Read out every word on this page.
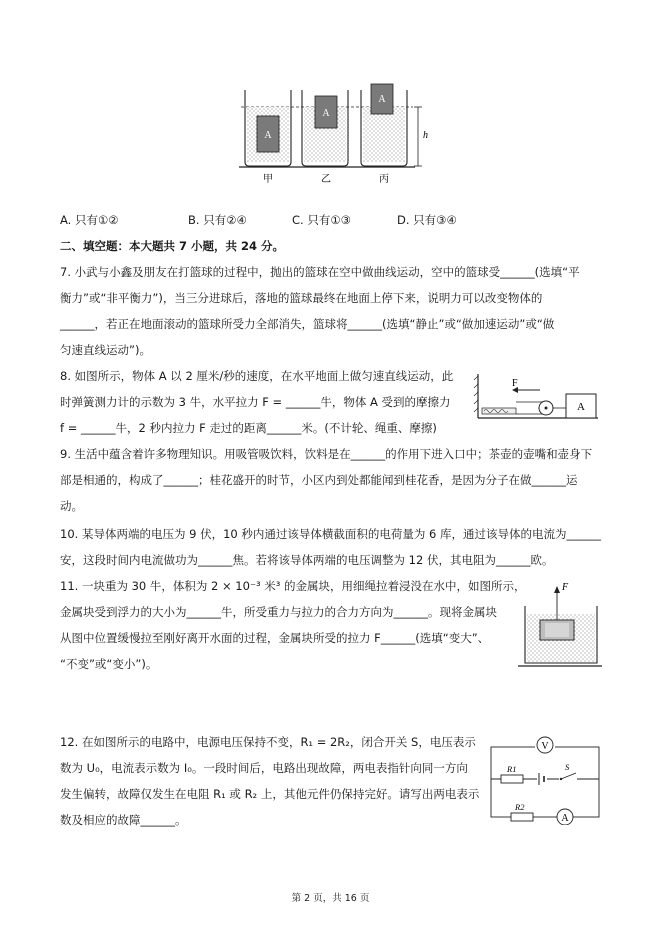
A
A
A
h
甲	乙	丙
A. 只有①②	B. 只有②④	C. 只有①③	D. 只有③④
二、填空题：本大题共 7 小题，共 24 分。
7. 小武与小鑫及朋友在打篮球的过程中，抛出的篮球在空中做曲线运动，空中的篮球受______(选填“平
衡力”或“非平衡力”)，当三分进球后，落地的篮球最终在地面上停下来，说明力可以改变物体的
______，若正在地面滚动的篮球所受力全部消失，篮球将______(选填“静止”或“做加速运动”或“做
匀速直线运动”)。
8. 如图所示，物体 A 以 2 厘米/秒的速度，在水平地面上做匀速直线运动，此
时弹簧测力计的示数为 3 牛，水平拉力 F = ______牛，物体 A 受到的摩擦力
f = ______牛，2 秒内拉力 F 走过的距离______米。(不计轮、绳重、摩擦)
F
A
9. 生活中蕴含着许多物理知识。用吸管吸饮料，饮料是在______的作用下进入口中；茶壶的壶嘴和壶身下
部是相通的，构成了______；桂花盛开的时节，小区内到处都能闻到桂花香，是因为分子在做______运
动。
10. 某导体两端的电压为 9 伏，10 秒内通过该导体横截面积的电荷量为 6 库，通过该导体的电流为______
安，这段时间内电流做功为______焦。若将该导体两端的电压调整为 12 伏，其电阻为______欧。
11. 一块重为 30 牛，体积为 2 × 10⁻³ 米³ 的金属块，用细绳拉着浸没在水中，如图所示，
金属块受到浮力的大小为______牛，所受重力与拉力的合力方向为______。现将金属块
从图中位置缓慢拉至刚好离开水面的过程，金属块所受的拉力 F______(选填“变大”、
“不变”或“变小”)。
F
12. 在如图所示的电路中，电源电压保持不变，R₁ = 2R₂，闭合开关 S，电压表示
数为 U₀，电流表示数为 I₀。一段时间后，电路出现故障，两电表指针向同一方向
发生偏转，故障仅发生在电阻 R₁ 或 R₂ 上，其他元件仍保持完好。请写出两电表示
数及相应的故障______。
V
R1	S
R2
A
第 2 页，共 16 页
